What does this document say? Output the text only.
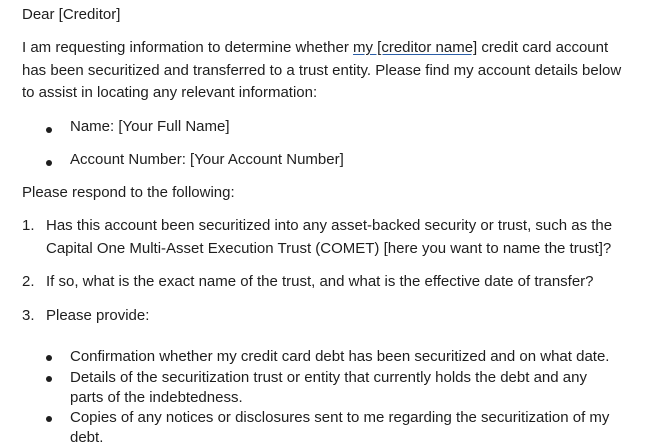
Dear [Creditor]
I am requesting information to determine whether my [creditor name] credit card account
has been securitized and transferred to a trust entity. Please find my account details below
to assist in locating any relevant information:
Name: [Your Full Name]
Account Number: [Your Account Number]
Please respond to the following:
1. Has this account been securitized into any asset-backed security or trust, such as the
Capital One Multi-Asset Execution Trust (COMET) [here you want to name the trust]?
2. If so, what is the exact name of the trust, and what is the effective date of transfer?
3. Please provide:
Confirmation whether my credit card debt has been securitized and on what date.
Details of the securitization trust or entity that currently holds the debt and any
parts of the indebtedness.
Copies of any notices or disclosures sent to me regarding the securitization of my
debt.
